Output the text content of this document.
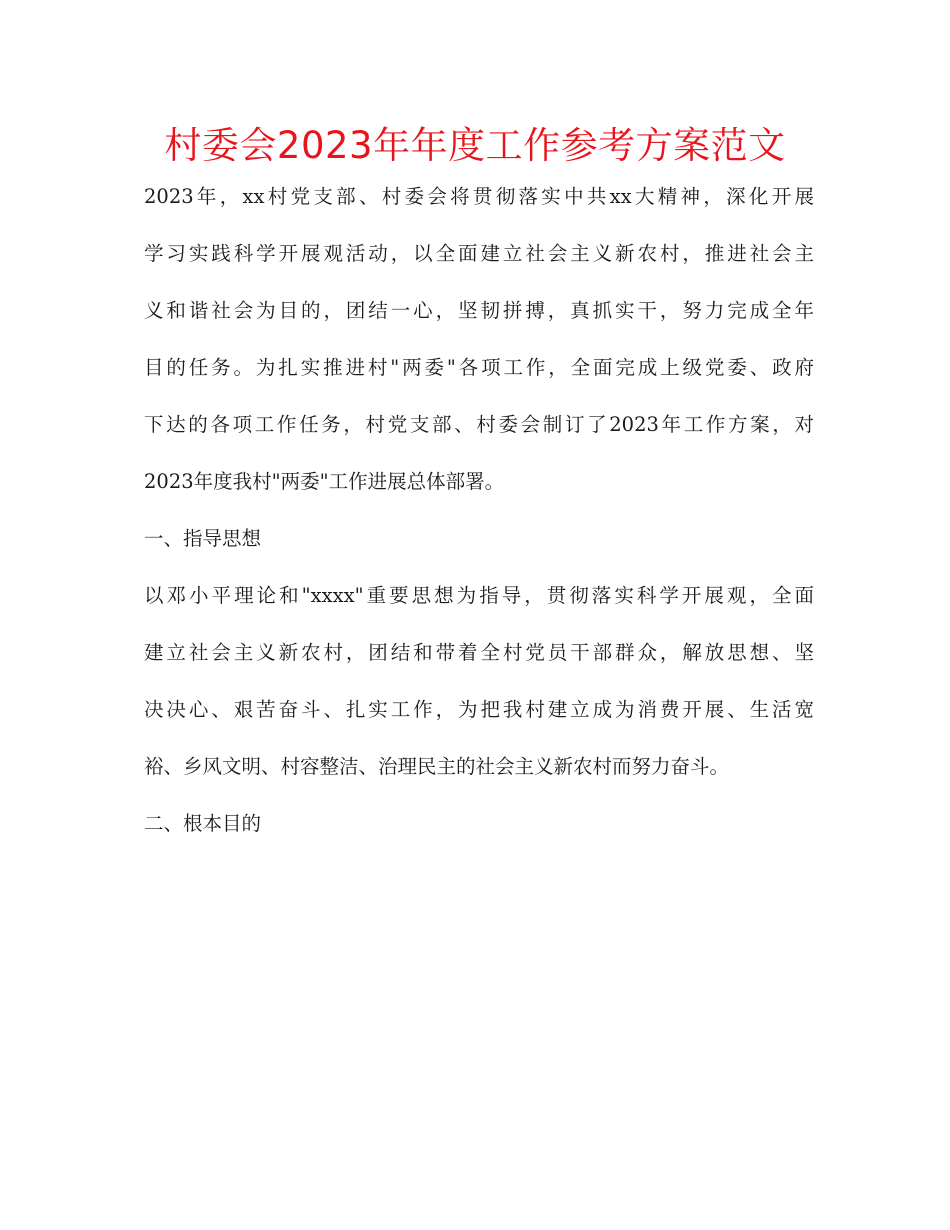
村委会2023年年度工作参考方案范文
2023年，xx村党支部、村委会将贯彻落实中共xx大精神，深化开展
学习实践科学开展观活动，以全面建立社会主义新农村，推进社会主
义和谐社会为目的，团结一心，坚韧拼搏，真抓实干，努力完成全年
目的任务。为扎实推进村"两委"各项工作，全面完成上级党委、政府
下达的各项工作任务，村党支部、村委会制订了2023年工作方案，对
2023年度我村"两委"工作进展总体部署。
一、指导思想
以邓小平理论和"xxxx"重要思想为指导，贯彻落实科学开展观，全面
建立社会主义新农村，团结和带着全村党员干部群众，解放思想、坚
决决心、艰苦奋斗、扎实工作，为把我村建立成为消费开展、生活宽
裕、乡风文明、村容整洁、治理民主的社会主义新农村而努力奋斗。
二、根本目的
